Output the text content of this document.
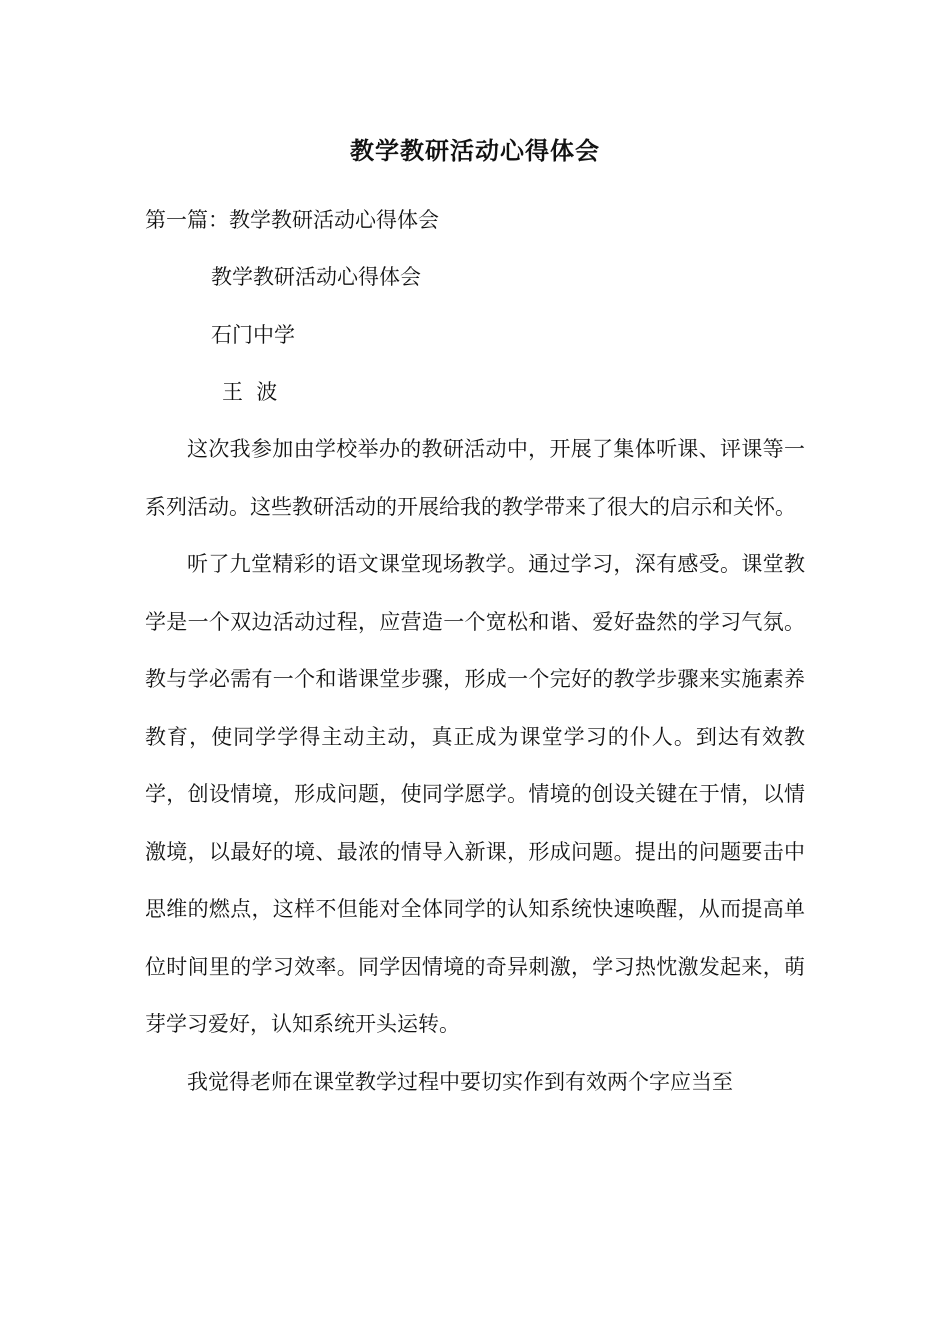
教学教研活动心得体会
第一篇：教学教研活动心得体会
教学教研活动心得体会
石门中学
王  波

这次我参加由学校举办的教研活动中，开展了集体听课、评课等一系列活动。这些教研活动的开展给我的教学带来了很大的启示和关怀。

听了九堂精彩的语文课堂现场教学。通过学习，深有感受。课堂教学是一个双边活动过程，应营造一个宽松和谐、爱好盎然的学习气氛。教与学必需有一个和谐课堂步骤，形成一个完好的教学步骤来实施素养教育，使同学学得主动主动，真正成为课堂学习的仆人。到达有效教学，创设情境，形成问题，使同学愿学。情境的创设关键在于情，以情激境，以最好的境、最浓的情导入新课，形成问题。提出的问题要击中思维的燃点，这样不但能对全体同学的认知系统快速唤醒，从而提高单位时间里的学习效率。同学因情境的奇异刺激，学习热忱激发起来，萌芽学习爱好，认知系统开头运转。

我觉得老师在课堂教学过程中要切实作到有效两个字应当至
